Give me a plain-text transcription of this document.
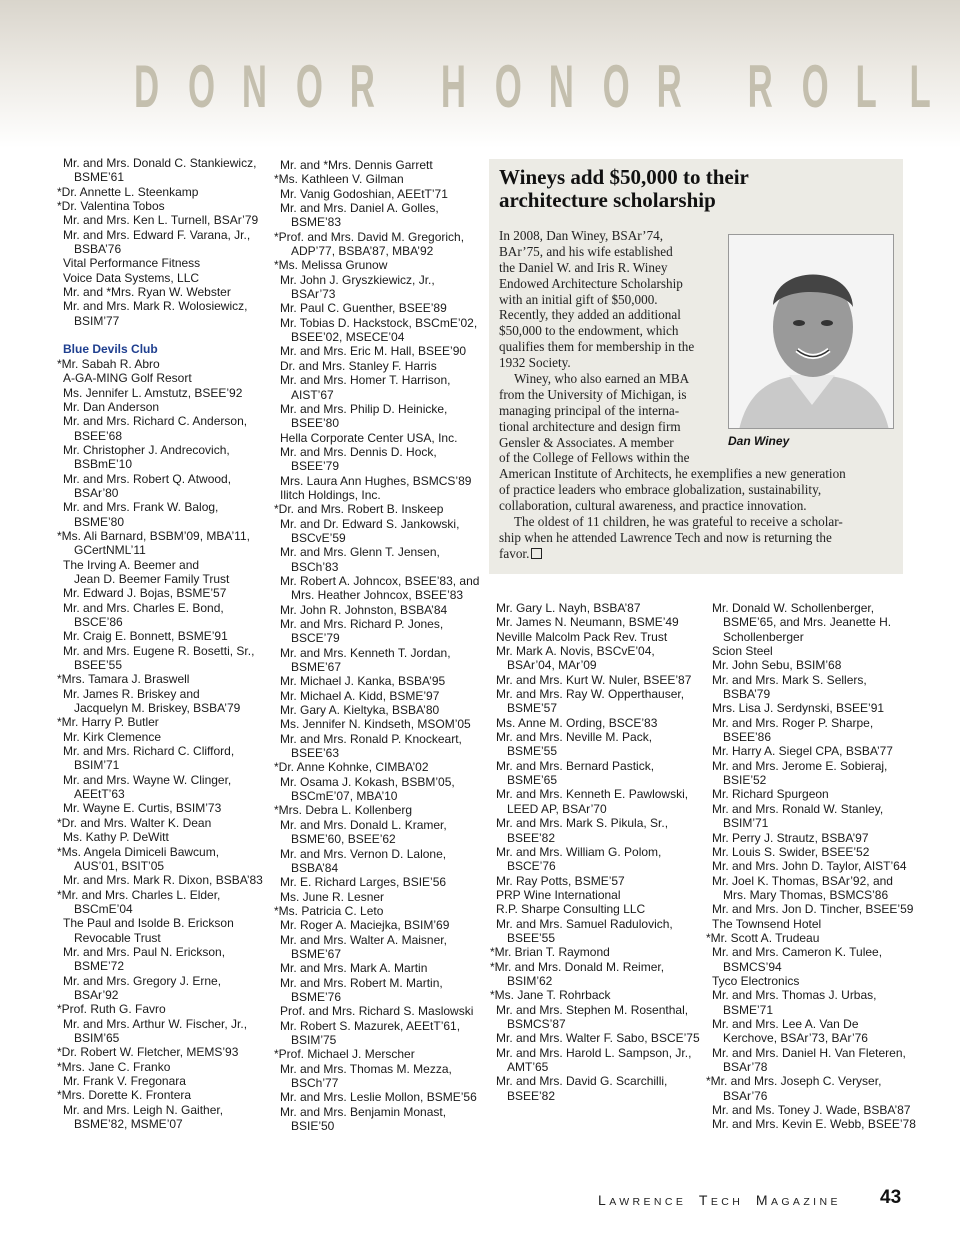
D O N O R H O N O R R O L L
Mr. and Mrs. Donald C. Stankiewicz,
BSME’61
*Dr. Annette L. Steenkamp
*Dr. Valentina Tobos
Mr. and Mrs. Ken L. Turnell, BSAr’79
Mr. and Mrs. Edward F. Varana, Jr.,
BSBA’76
Vital Performance Fitness
Voice Data Systems, LLC
Mr. and *Mrs. Ryan W. Webster
Mr. and Mrs. Mark R. Wolosiewicz,
BSIM’77
Blue Devils Club
*Mr. Sabah R. Abro
A-GA-MING Golf Resort
Ms. Jennifer L. Amstutz, BSEE’92
Mr. Dan Anderson
Mr. and Mrs. Richard C. Anderson,
BSEE’68
Mr. Christopher J. Andrecovich,
BSBmE’10
Mr. and Mrs. Robert Q. Atwood,
BSAr’80
Mr. and Mrs. Frank W. Balog,
BSME’80
*Ms. Ali Barnard, BSBM’09, MBA’11,
GCertNML’11
The Irving A. Beemer and
Jean D. Beemer Family Trust
Mr. Edward J. Bojas, BSME’57
Mr. and Mrs. Charles E. Bond,
BSCE’86
Mr. Craig E. Bonnett, BSME’91
Mr. and Mrs. Eugene R. Bosetti, Sr.,
BSEE’55
*Mrs. Tamara J. Braswell
Mr. James R. Briskey and
Jacquelyn M. Briskey, BSBA’79
*Mr. Harry P. Butler
Mr. Kirk Clemence
Mr. and Mrs. Richard C. Clifford,
BSIM’71
Mr. and Mrs. Wayne W. Clinger,
AEEtT’63
Mr. Wayne E. Curtis, BSIM’73
*Dr. and Mrs. Walter K. Dean
Ms. Kathy P. DeWitt
*Ms. Angela Dimiceli Bawcum,
AUS’01, BSIT’05
Mr. and Mrs. Mark R. Dixon, BSBA’83
*Mr. and Mrs. Charles L. Elder,
BSCmE’04
The Paul and Isolde B. Erickson
Revocable Trust
Mr. and Mrs. Paul N. Erickson,
BSME’72
Mr. and Mrs. Gregory J. Erne,
BSAr’92
*Prof. Ruth G. Favro
Mr. and Mrs. Arthur W. Fischer, Jr.,
BSIM’65
*Dr. Robert W. Fletcher, MEMS’93
*Mrs. Jane C. Franko
Mr. Frank V. Fregonara
*Mrs. Dorette K. Frontera
Mr. and Mrs. Leigh N. Gaither,
BSME’82, MSME’07
Mr. and *Mrs. Dennis Garrett
*Ms. Kathleen V. Gilman
Mr. Vanig Godoshian, AEEtT’71
Mr. and Mrs. Daniel A. Golles,
BSME’83
*Prof. and Mrs. David M. Gregorich,
ADP’77, BSBA’87, MBA’92
*Ms. Melissa Grunow
Mr. John J. Gryszkiewicz, Jr.,
BSAr’73
Mr. Paul C. Guenther, BSEE’89
Mr. Tobias D. Hackstock, BSCmE’02,
BSEE’02, MSECE’04
Mr. and Mrs. Eric M. Hall, BSEE’90
Dr. and Mrs. Stanley F. Harris
Mr. and Mrs. Homer T. Harrison,
AIST’67
Mr. and Mrs. Philip D. Heinicke,
BSEE’80
Hella Corporate Center USA, Inc.
Mr. and Mrs. Dennis D. Hock,
BSEE’79
Mrs. Laura Ann Hughes, BSMCS’89
Ilitch Holdings, Inc.
*Dr. and Mrs. Robert B. Inskeep
Mr. and Dr. Edward S. Jankowski,
BSCvE’59
Mr. and Mrs. Glenn T. Jensen,
BSCh’83
Mr. Robert A. Johncox, BSEE’83, and
Mrs. Heather Johncox, BSEE’83
Mr. John R. Johnston, BSBA’84
Mr. and Mrs. Richard P. Jones,
BSCE’79
Mr. and Mrs. Kenneth T. Jordan,
BSME’67
Mr. Michael J. Kanka, BSBA’95
Mr. Michael A. Kidd, BSME’97
Mr. Gary A. Kieltyka, BSBA’80
Ms. Jennifer N. Kindseth, MSOM’05
Mr. and Mrs. Ronald P. Knockeart,
BSEE’63
*Dr. Anne Kohnke, CIMBA’02
Mr. Osama J. Kokash, BSBM’05,
BSCmE’07, MBA’10
*Mrs. Debra L. Kollenberg
Mr. and Mrs. Donald L. Kramer,
BSME’60, BSEE’62
Mr. and Mrs. Vernon D. Lalone,
BSBA’84
Mr. E. Richard Larges, BSIE’56
Ms. June R. Lesner
*Ms. Patricia C. Leto
Mr. Roger A. Maciejka, BSIM’69
Mr. and Mrs. Walter A. Maisner,
BSME’67
Mr. and Mrs. Mark A. Martin
Mr. and Mrs. Robert M. Martin,
BSME’76
Prof. and Mrs. Richard S. Maslowski
Mr. Robert S. Mazurek, AEEtT’61,
BSIM’75
*Prof. Michael J. Merscher
Mr. and Mrs. Thomas M. Mezza,
BSCh’77
Mr. and Mrs. Leslie Mollon, BSME’56
Mr. and Mrs. Benjamin Monast,
BSIE’50
Wineys add $50,000 to their
architecture scholarship
In 2008, Dan Winey, BSAr’74,
BAr’75, and his wife established
the Daniel W. and Iris R. Winey
Endowed Architecture Scholarship
with an initial gift of $50,000.
Recently, they added an additional
$50,000 to the endowment, which
qualifies them for membership in the
1932 Society.
Winey, who also earned an MBA
from the University of Michigan, is
managing principal of the interna-
tional architecture and design firm
Gensler & Associates. A member
of the College of Fellows within the
American Institute of Architects, he exemplifies a new generation
of practice leaders who embrace globalization, sustainability,
collaboration, cultural awareness, and practice innovation.
The oldest of 11 children, he was grateful to receive a scholar-
ship when he attended Lawrence Tech and now is returning the
favor.
Dan Winey
Mr. Gary L. Nayh, BSBA’87
Mr. James N. Neumann, BSME’49
Neville Malcolm Pack Rev. Trust
Mr. Mark A. Novis, BSCvE’04,
BSAr’04, MAr’09
Mr. and Mrs. Kurt W. Nuler, BSEE’87
Mr. and Mrs. Ray W. Opperthauser,
BSME’57
Ms. Anne M. Ording, BSCE’83
Mr. and Mrs. Neville M. Pack,
BSME’55
Mr. and Mrs. Bernard Pastick,
BSME’65
Mr. and Mrs. Kenneth E. Pawlowski,
LEED AP, BSAr’70
Mr. and Mrs. Mark S. Pikula, Sr.,
BSEE’82
Mr. and Mrs. William G. Polom,
BSCE’76
Mr. Ray Potts, BSME’57
PRP Wine International
R.P. Sharpe Consulting LLC
Mr. and Mrs. Samuel Radulovich,
BSEE’55
*Mr. Brian T. Raymond
*Mr. and Mrs. Donald M. Reimer,
BSIM’62
*Ms. Jane T. Rohrback
Mr. and Mrs. Stephen M. Rosenthal,
BSMCS’87
Mr. and Mrs. Walter F. Sabo, BSCE’75
Mr. and Mrs. Harold L. Sampson, Jr.,
AMT’65
Mr. and Mrs. David G. Scarchilli,
BSEE’82
Mr. Donald W. Schollenberger,
BSME’65, and Mrs. Jeanette H.
Schollenberger
Scion Steel
Mr. John Sebu, BSIM’68
Mr. and Mrs. Mark S. Sellers,
BSBA’79
Mrs. Lisa J. Serdynski, BSEE’91
Mr. and Mrs. Roger P. Sharpe,
BSEE’86
Mr. Harry A. Siegel CPA, BSBA’77
Mr. and Mrs. Jerome E. Sobieraj,
BSIE’52
Mr. Richard Spurgeon
Mr. and Mrs. Ronald W. Stanley,
BSIM’71
Mr. Perry J. Strautz, BSBA’97
Mr. Louis S. Swider, BSEE’52
Mr. and Mrs. John D. Taylor, AIST’64
Mr. Joel K. Thomas, BSAr’92, and
Mrs. Mary Thomas, BSMCS’86
Mr. and Mrs. Jon D. Tincher, BSEE’59
The Townsend Hotel
*Mr. Scott A. Trudeau
Mr. and Mrs. Cameron K. Tulee,
BSMCS’94
Tyco Electronics
Mr. and Mrs. Thomas J. Urbas,
BSME’71
Mr. and Mrs. Lee A. Van De
Kerchove, BSAr’73, BAr’76
Mr. and Mrs. Daniel H. Van Fleteren,
BSAr’78
*Mr. and Mrs. Joseph C. Veryser,
BSAr’76
Mr. and Ms. Toney J. Wade, BSBA’87
Mr. and Mrs. Kevin E. Webb, BSEE’78
LAWRENCE TECH MAGAZINE 43
